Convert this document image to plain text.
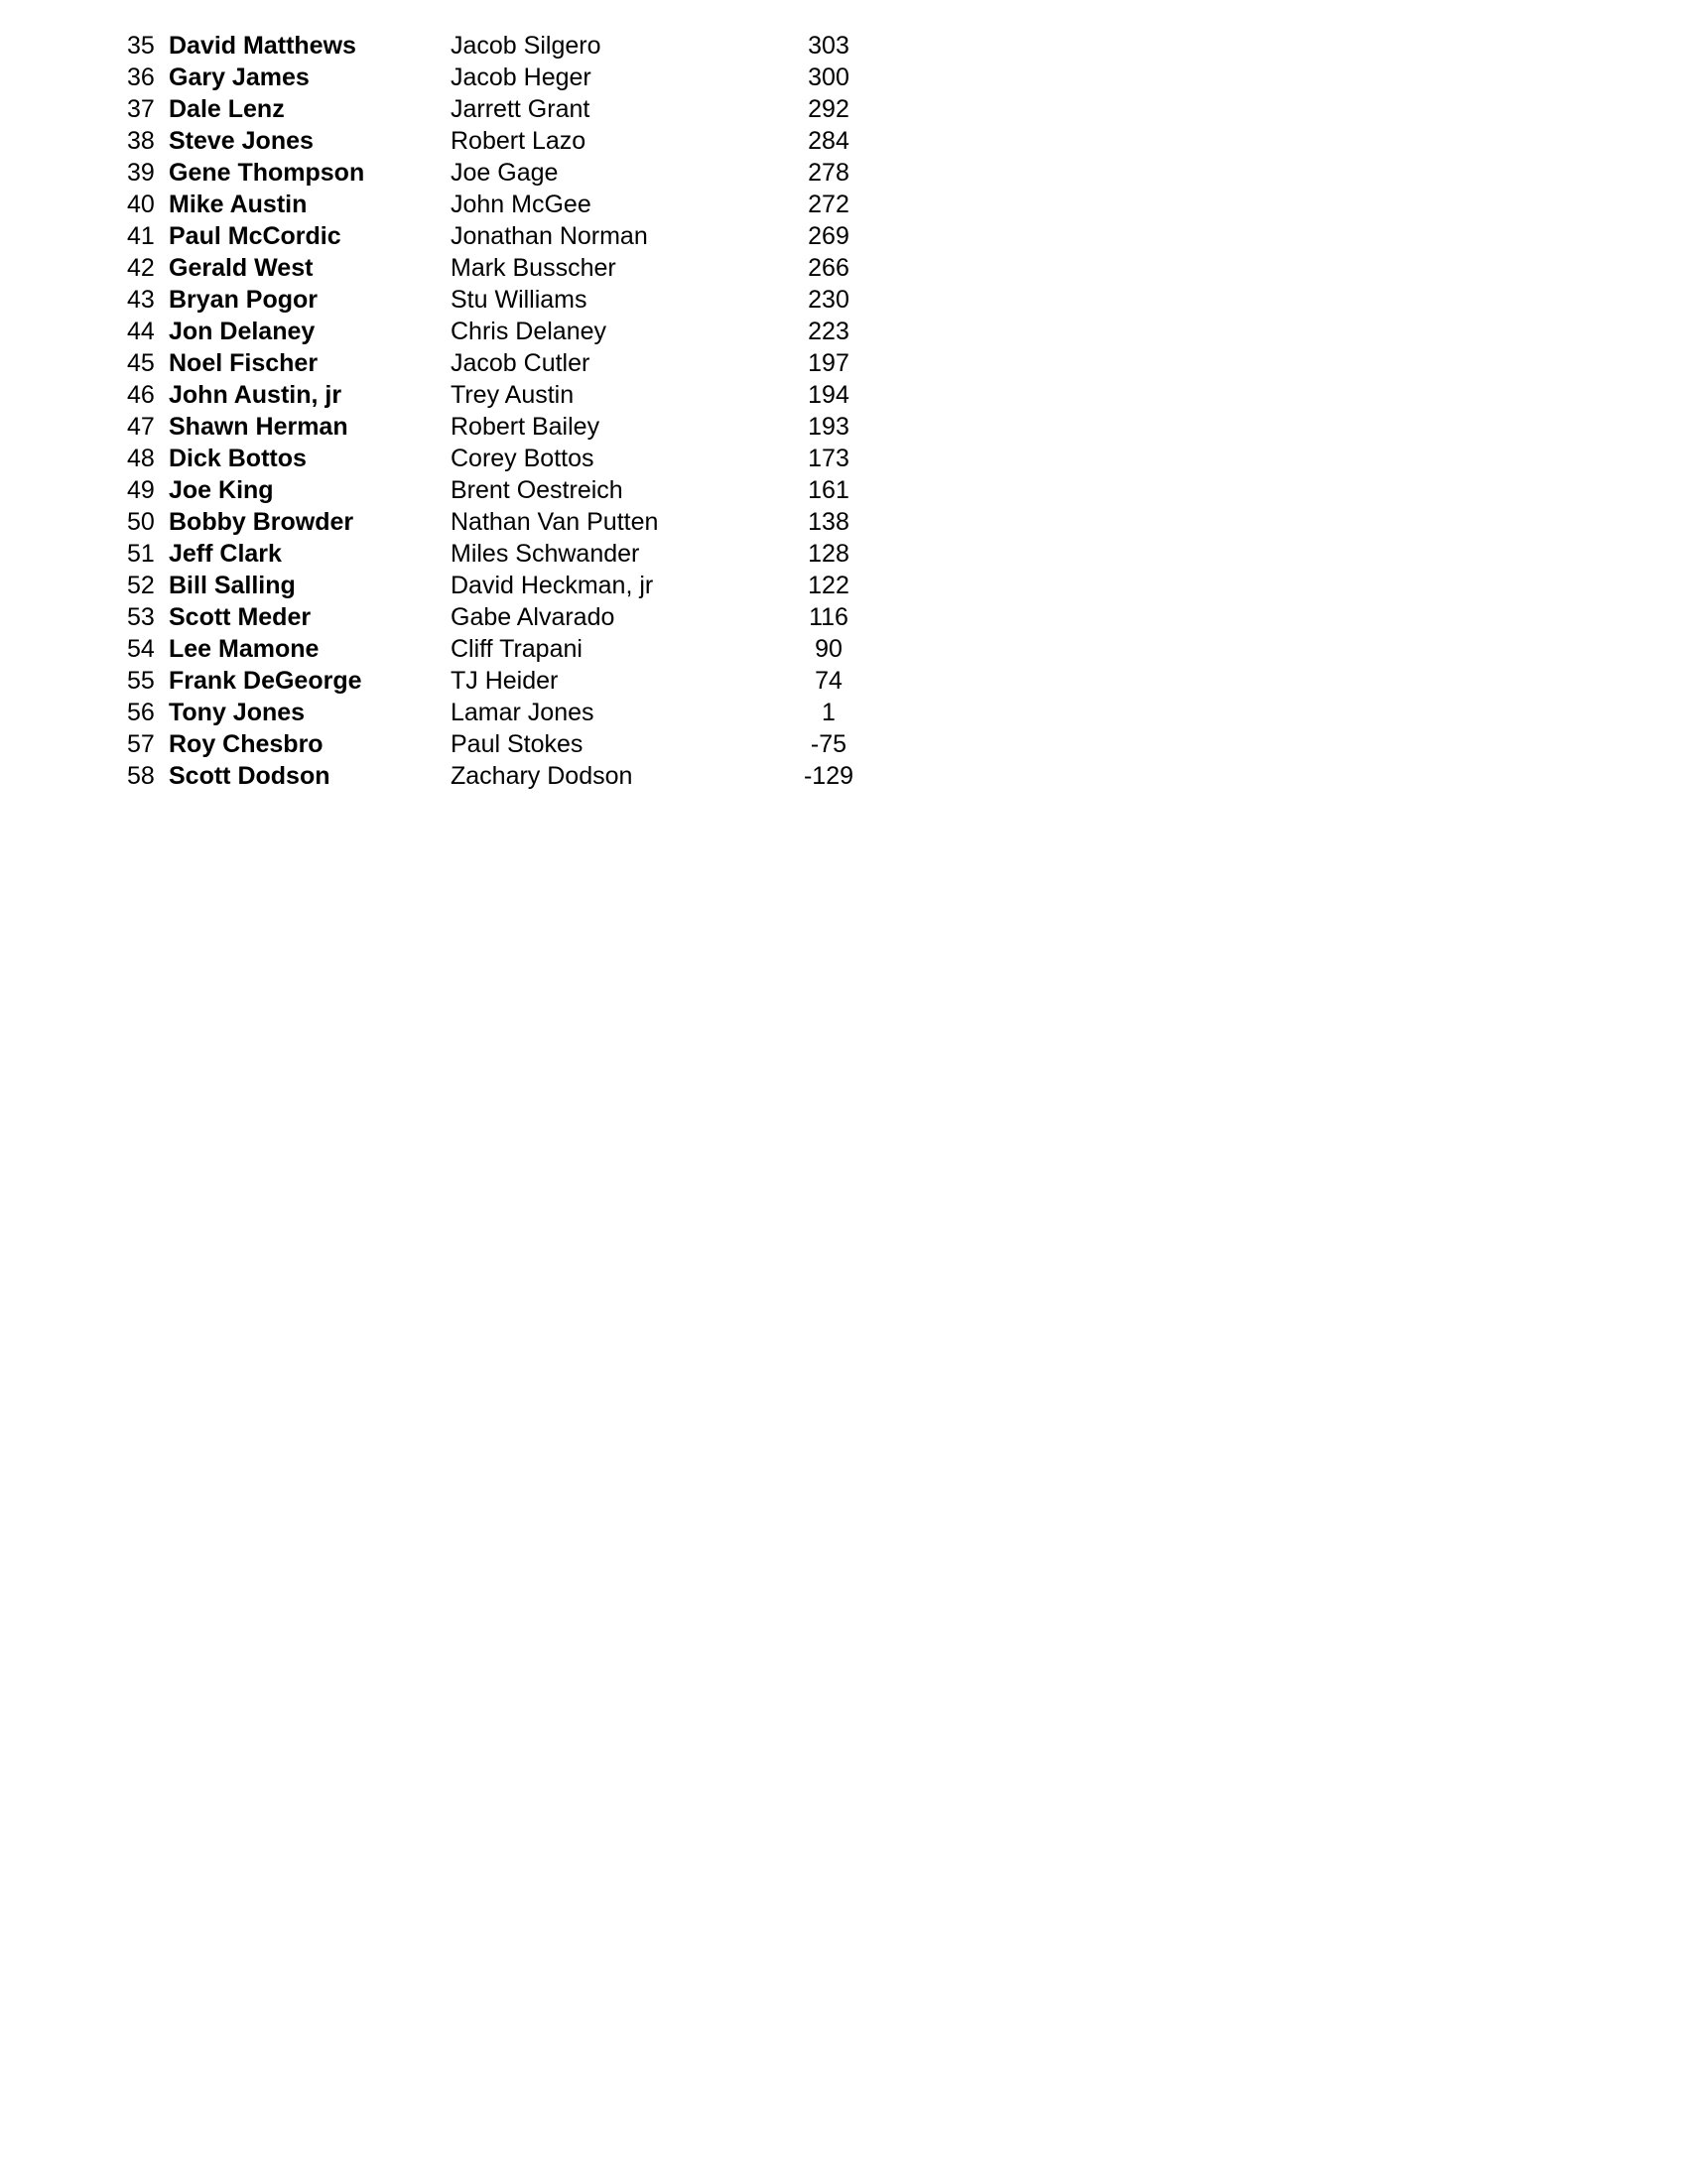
35 David Matthews	Jacob Silgero	303
36 Gary James	Jacob Heger	300
37 Dale Lenz	Jarrett Grant	292
38 Steve Jones	Robert Lazo	284
39 Gene Thompson	Joe Gage	278
40 Mike Austin	John McGee	272
41 Paul McCordic	Jonathan Norman	269
42 Gerald West	Mark Busscher	266
43 Bryan Pogor	Stu Williams	230
44 Jon Delaney	Chris Delaney	223
45 Noel Fischer	Jacob Cutler	197
46 John Austin, jr	Trey Austin	194
47 Shawn Herman	Robert Bailey	193
48 Dick Bottos	Corey Bottos	173
49 Joe King	Brent Oestreich	161
50 Bobby Browder	Nathan Van Putten	138
51 Jeff Clark	Miles Schwander	128
52 Bill Salling	David Heckman, jr	122
53 Scott Meder	Gabe Alvarado	116
54 Lee Mamone	Cliff Trapani	90
55 Frank DeGeorge	TJ Heider	74
56 Tony Jones	Lamar Jones	1
57 Roy Chesbro	Paul Stokes	-75
58 Scott Dodson	Zachary Dodson	-129
